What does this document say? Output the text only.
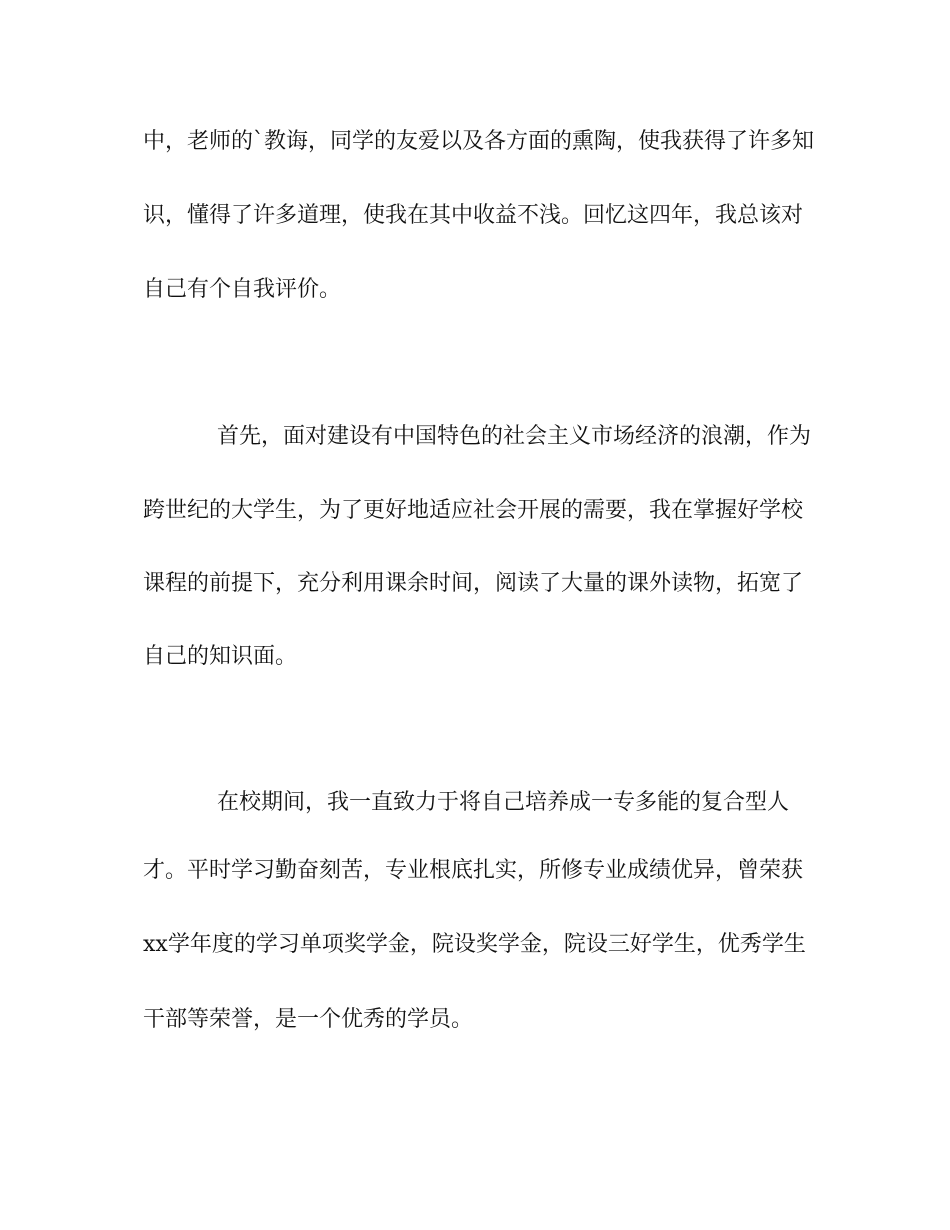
中，老师的`教诲，同学的友爱以及各方面的熏陶，使我获得了许多知

识，懂得了许多道理，使我在其中收益不浅。回忆这四年，我总该对

自己有个自我评价。

首先，面对建设有中国特色的社会主义市场经济的浪潮，作为

跨世纪的大学生，为了更好地适应社会开展的需要，我在掌握好学校

课程的前提下，充分利用课余时间，阅读了大量的课外读物，拓宽了

自己的知识面。

在校期间，我一直致力于将自己培养成一专多能的复合型人

才。平时学习勤奋刻苦，专业根底扎实，所修专业成绩优异，曾荣获

xx学年度的学习单项奖学金，院设奖学金，院设三好学生，优秀学生

干部等荣誉，是一个优秀的学员。
